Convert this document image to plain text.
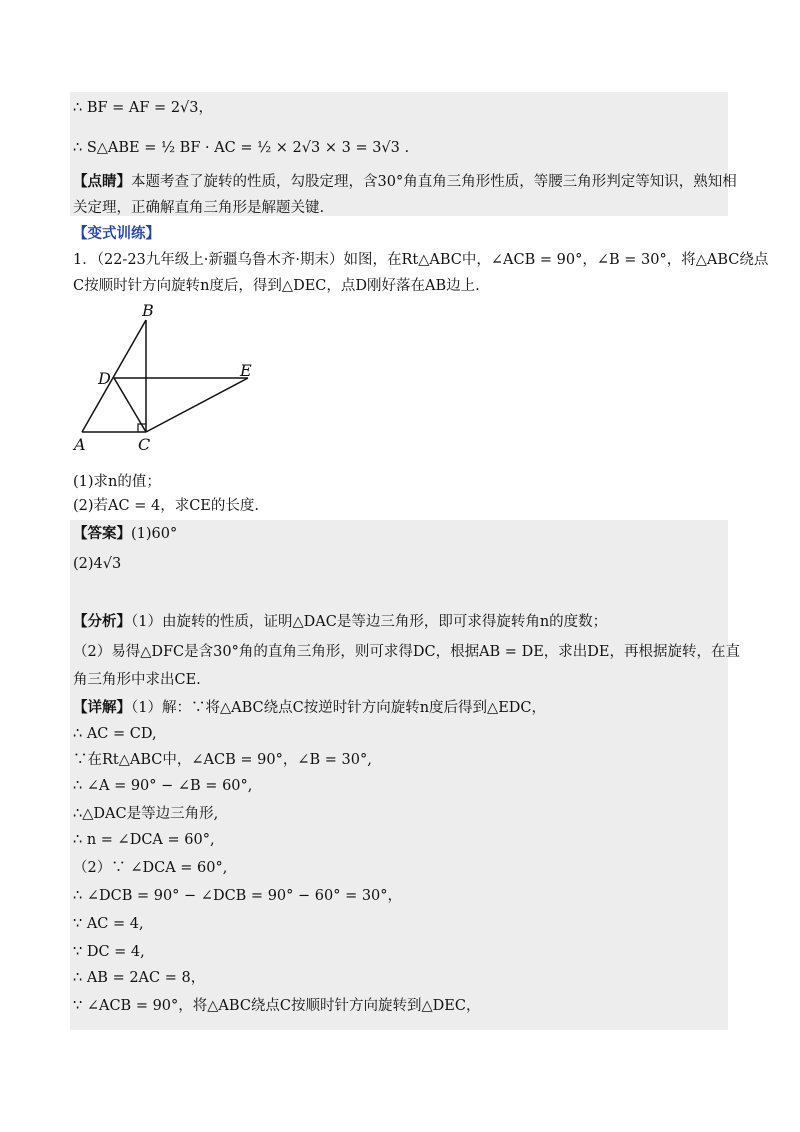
∴ BF = AF = 2√3，
∴ S△ABE = ½ BF · AC = ½ × 2√3 × 3 = 3√3 .
【点睛】本题考查了旋转的性质，勾股定理，含30°角直角三角形性质，等腰三角形判定等知识，熟知相
关定理，正确解直角三角形是解题关键.
【变式训练】
1．（22-23九年级上·新疆乌鲁木齐·期末）如图，在Rt△ABC中，∠ACB = 90°，∠B = 30°，将△ABC绕点
C按顺时针方向旋转n度后，得到△DEC，点D刚好落在AB边上.
B
D	E
A	C
(1)求n的值；
(2)若AC = 4，求CE的长度.
【答案】(1)60°
(2)4√3
【分析】（1）由旋转的性质，证明△DAC是等边三角形，即可求得旋转角n的度数；
（2）易得△DFC是含30°角的直角三角形，则可求得DC，根据AB = DE，求出DE，再根据旋转，在直
角三角形中求出CE.
【详解】（1）解：∵将△ABC绕点C按逆时针方向旋转n度后得到△EDC，
∴ AC = CD,
∵在Rt△ABC中，∠ACB = 90°，∠B = 30°,
∴ ∠A = 90° − ∠B = 60°,
∴△DAC是等边三角形,
∴ n = ∠DCA = 60°,
（2）∵ ∠DCA = 60°,
∴ ∠DCB = 90° − ∠DCB = 90° − 60° = 30°，
∵ AC = 4,
∵ DC = 4,
∴ AB = 2AC = 8，
∵ ∠ACB = 90°，将△ABC绕点C按顺时针方向旋转到△DEC，
